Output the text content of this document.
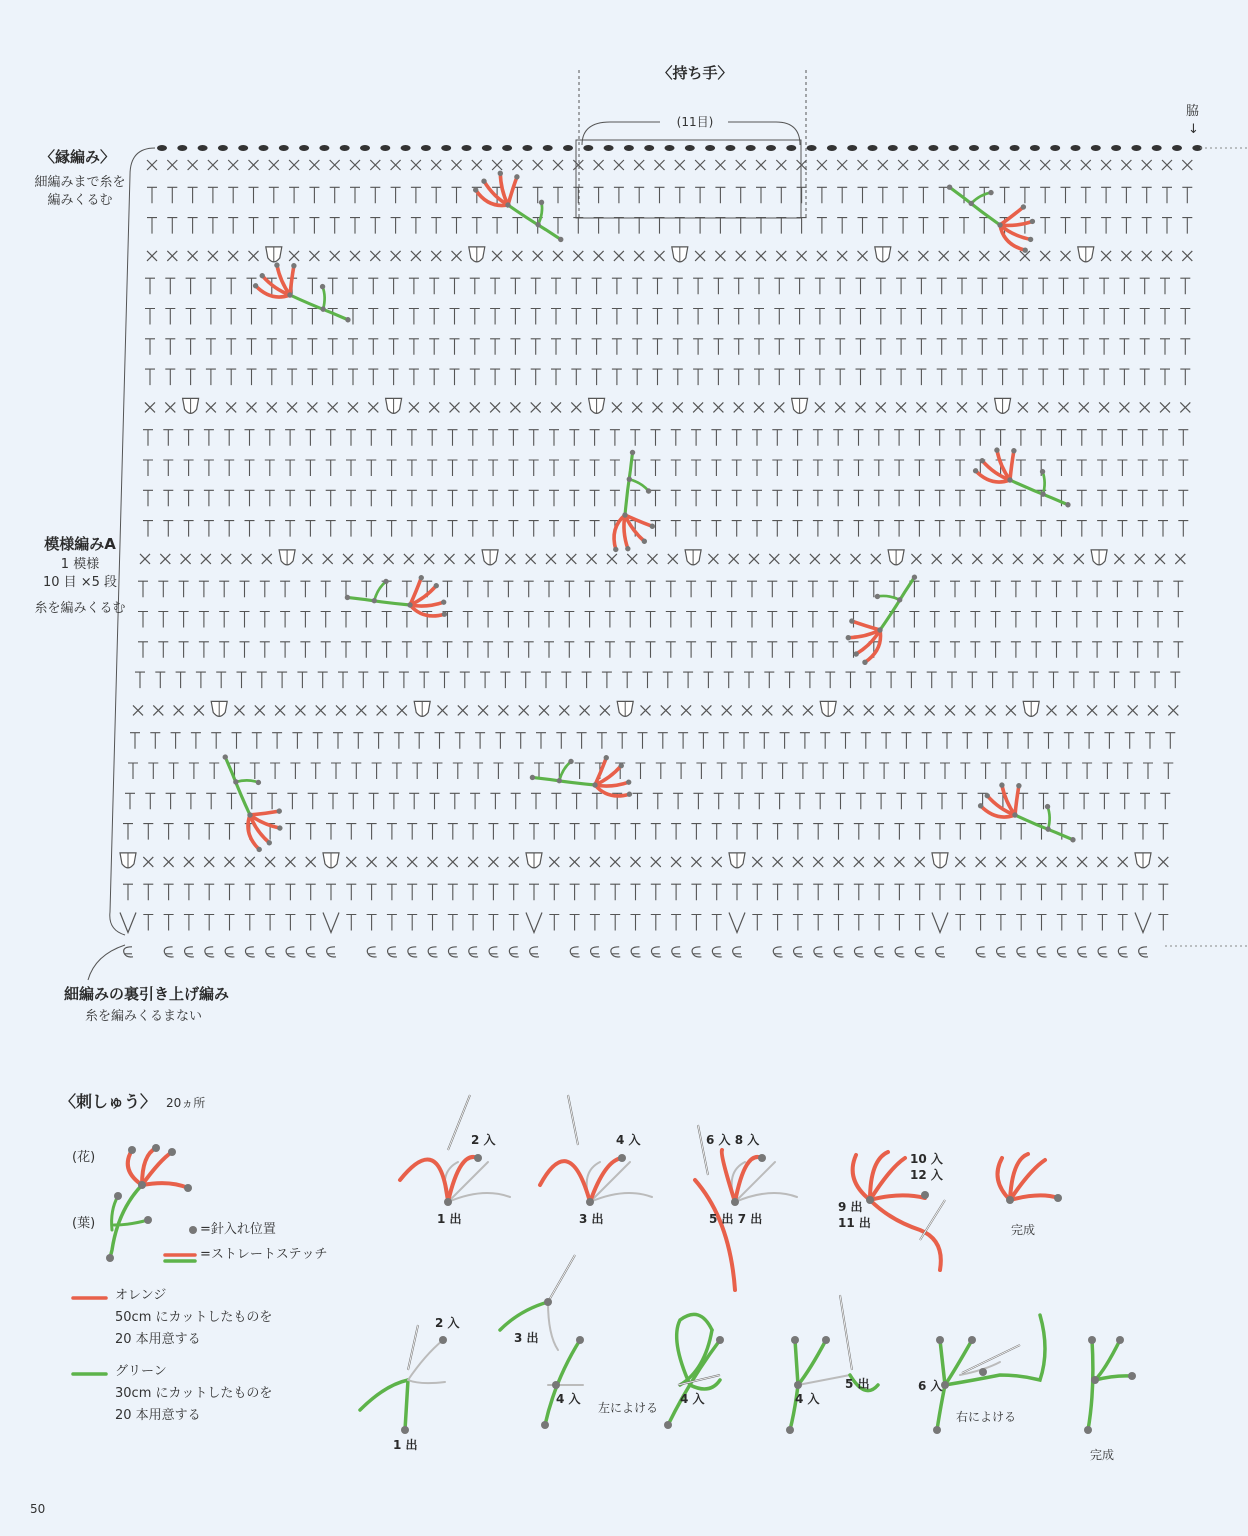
〈持ち手〉
(11目)
脇
↓
〈縁編み〉
細編みまで糸を
編みくるむ
模様編みA
1 模様
10 目 ×5 段
糸を編みくるむ
細編みの裏引き上げ編み
糸を編みくるまない
〈刺しゅう〉 20ヵ所
(花)
(葉)	=針入れ位置
=ストレートステッチ
オレンジ
50cm にカットしたものを
20 本用意する
グリーン
30cm にカットしたものを
20 本用意する
2 入
1 出
4 入
3 出
6 入 8 入
5 出 7 出
10 入
12 入
9 出
11 出	完成
2 入
1 出
4 入
3 出
4 入
左によける
4 入
5 出	6 入
右によける
完成
50
